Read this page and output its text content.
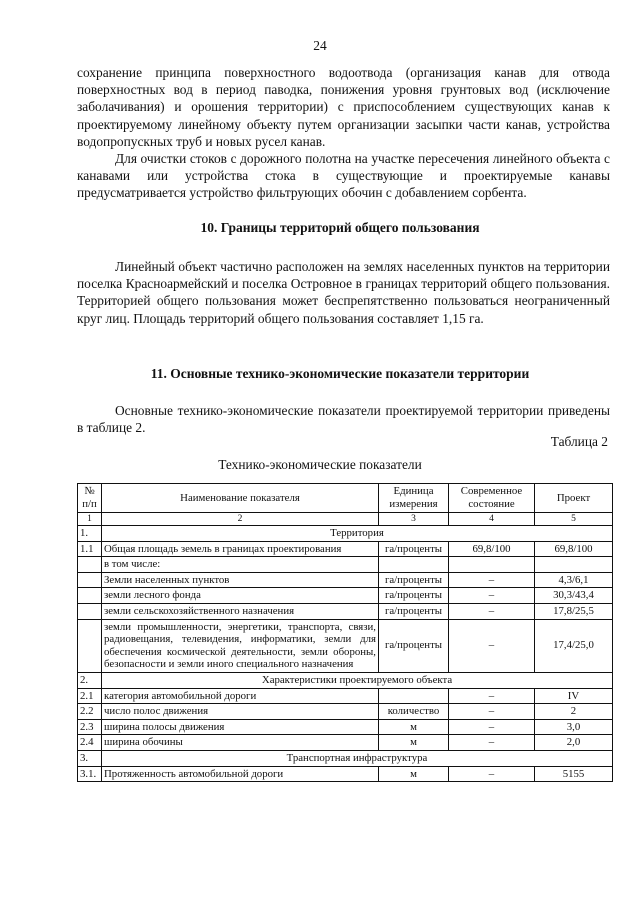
24

сохранение принципа поверхностного водоотвода (организация канав для отвода поверхностных вод в период паводка, понижения уровня грунтовых вод (исключение заболачивания) и орошения территории) с приспособлением существующих канав к проектируемому линейному объекту путем организации засыпки части канав, устройства водопропускных труб и новых русел канав.

Для очистки стоков с дорожного полотна на участке пересечения линейного объекта с канавами или устройства стока в существующие и проектируемые канавы предусматривается устройство фильтрующих обочин с добавлением сорбента.

10. Границы территорий общего пользования

Линейный объект частично расположен на землях населенных пунктов на территории поселка Красноармейский и поселка Островное в границах территорий общего пользования. Территорией общего пользования может беспрепятственно пользоваться неограниченный круг лиц. Площадь территорий общего пользования составляет 1,15 га.

11. Основные технико-экономические показатели территории

Основные технико-экономические показатели проектируемой территории приведены в таблице 2.

Таблица 2
Технико-экономические показатели
№ п/п	Наименование показателя	Единица измерения	Современное состояние	Проект
1	2	3	4	5
1.	Территория			
1.1	Общая площадь земель в границах проектирования	га/проценты	69,8/100	69,8/100
	в том числе:			
	Земли населенных пунктов	га/проценты	–	4,3/6,1
	земли лесного фонда	га/проценты	–	30,3/43,4
	земли сельскохозяйственного назначения	га/проценты	–	17,8/25,5
	земли промышленности, энергетики, транспорта, связи, радиовещания, телевидения, информатики, земли для обеспечения космической деятельности, земли обороны, безопасности и земли иного специального назначения	га/проценты	–	17,4/25,0
2.	Характеристики проектируемого объекта			
2.1	категория автомобильной дороги		–	IV
2.2	число полос движения	количество	–	2
2.3	ширина полосы движения	м	–	3,0
2.4	ширина обочины	м	–	2,0
3.	Транспортная инфраструктура			
3.1.	Протяженность автомобильной дороги	м	–	5155
